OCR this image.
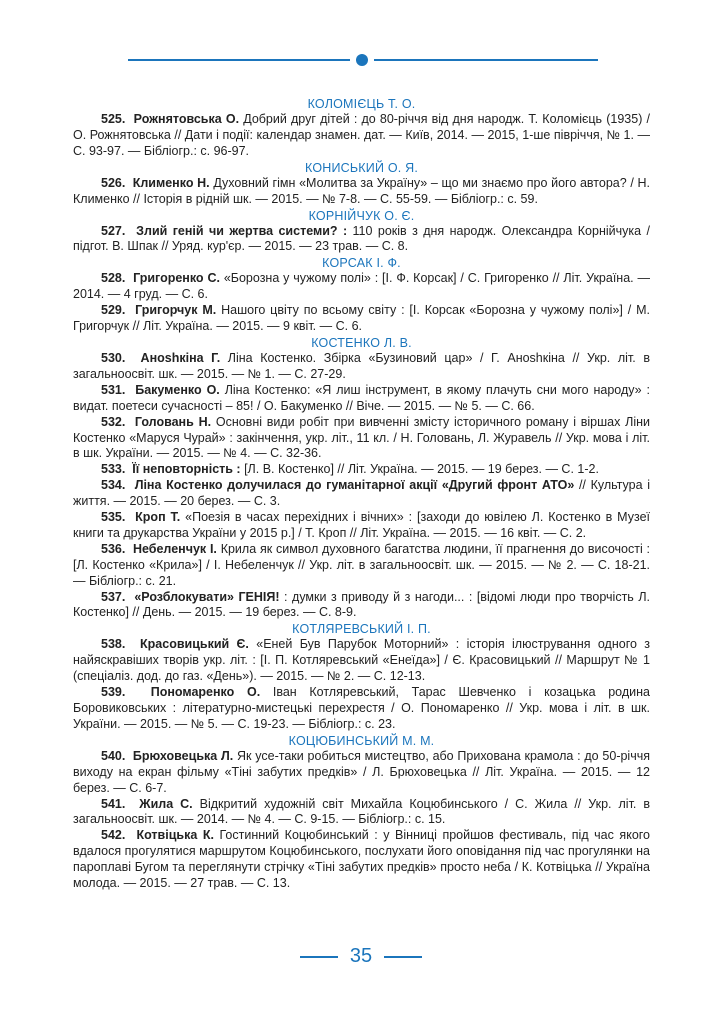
КОЛОМІЄЦЬ Т. О.

525. Рожнятовська О. Добрий друг дітей : до 80-річчя від дня народж. Т. Коломієць (1935) / О. Рожнятовська // Дати і події: календар знамен. дат. — Київ, 2014. — 2015, 1-ше півріччя, № 1. — С. 93-97. — Бібліогр.: с. 96-97.

КОНИСЬКИЙ О. Я.

526. Клименко Н. Духовний гімн «Молитва за Україну» – що ми знаємо про його автора? / Н. Клименко // Історія в рідній шк. — 2015. — № 7-8. — С. 55-59. — Бібліогр.: с. 59.

КОРНІЙЧУК О. Є.

527. Злий геній чи жертва системи? : 110 років з дня народж. Олександра Корнійчука / підгот. В. Шпак // Уряд. кур'єр. — 2015. — 23 трав. — С. 8.

КОРСАК І. Ф.

528. Григоренко С. «Борозна у чужому полі» : [І. Ф. Корсак] / С. Григоренко // Літ. Україна. — 2014. — 4 груд. — С. 6.

529. Григорчук М. Нашого цвіту по всьому світу : [І. Корсак «Борозна у чужому полі»] / М. Григорчук // Літ. Україна. — 2015. — 9 квіт. — С. 6.

КОСТЕНКО Л. В.

530. Аноshкіна Г. Ліна Костенко. Збірка «Бузиновий цар» / Г. Аноshкіна // Укр. літ. в загальноосвіт. шк. — 2015. — № 1. — С. 27-29.

531. Бакуменко О. Ліна Костенко: «Я лиш інструмент, в якому плачуть сни мого народу» : видат. поетеси сучасності – 85! / О. Бакуменко // Віче. — 2015. — № 5. — С. 66.

532. Головань Н. Основні види робіт при вивченні змісту історичного роману і віршах Ліни Костенко «Маруся Чурай» : закінчення, укр. літ., 11 кл. / Н. Головань, Л. Журавель // Укр. мова і літ. в шк. України. — 2015. — № 4. — С. 32-36.

533. Її неповторність : [Л. В. Костенко] // Літ. Україна. — 2015. — 19 берез. — С. 1-2.

534. Ліна Костенко долучилася до гуманітарної акції «Другий фронт АТО» // Культура і життя. — 2015. — 20 берез. — С. 3.

535. Кроп Т. «Поезія в часах перехідних і вічних» : [заходи до ювілею Л. Костенко в Музеї книги та друкарства України у 2015 р.] / Т. Кроп // Літ. Україна. — 2015. — 16 квіт. — С. 2.

536. Небеленчук І. Крила як символ духовного багатства людини, її прагнення до височості : [Л. Костенко «Крила»] / І. Небеленчук // Укр. літ. в загальноосвіт. шк. — 2015. — № 2. — С. 18-21. — Бібліогр.: с. 21.

537. «Розблокувати» ГЕНІЯ! : думки з приводу й з нагоди... : [відомі люди про творчість Л. Костенко] // День. — 2015. — 19 берез. — С. 8-9.

КОТЛЯРЕВСЬКИЙ І. П.

538. Красовицький Є. «Еней Був Парубок Моторний» : історія ілюстрування одного з найяскравіших творів укр. літ. : [І. П. Котляревський «Енеїда»] / Є. Красовицький // Маршрут № 1 (спеціаліз. дод. до газ. «День»). — 2015. — № 2. — С. 12-13.

539. Пономаренко О. Іван Котляревський, Тарас Шевченко і козацька родина Боровиковських : літературно-мистецькі перехрестя / О. Пономаренко // Укр. мова і літ. в шк. України. — 2015. — № 5. — С. 19-23. — Бібліогр.: с. 23.

КОЦЮБИНСЬКИЙ М. М.

540. Брюховецька Л. Як усе-таки робиться мистецтво, або Прихована крамола : до 50-річчя виходу на екран фільму «Тіні забутих предків» / Л. Брюховецька // Літ. Україна. — 2015. — 12 берез. — С. 6-7.

541. Жила С. Відкритий художній світ Михайла Коцюбинського / С. Жила // Укр. літ. в загальноосвіт. шк. — 2014. — № 4. — С. 9-15. — Бібліогр.: с. 15.

542. Котвіцька К. Гостинний Коцюбинський : у Вінниці пройшов фестиваль, під час якого вдалося прогулятися маршрутом Коцюбинського, послухати його оповідання під час прогулянки на пароплаві Бугом та переглянути стрічку «Тіні забутих предків» просто неба / К. Котвіцька // Україна молода. — 2015. — 27 трав. — С. 13.

35
